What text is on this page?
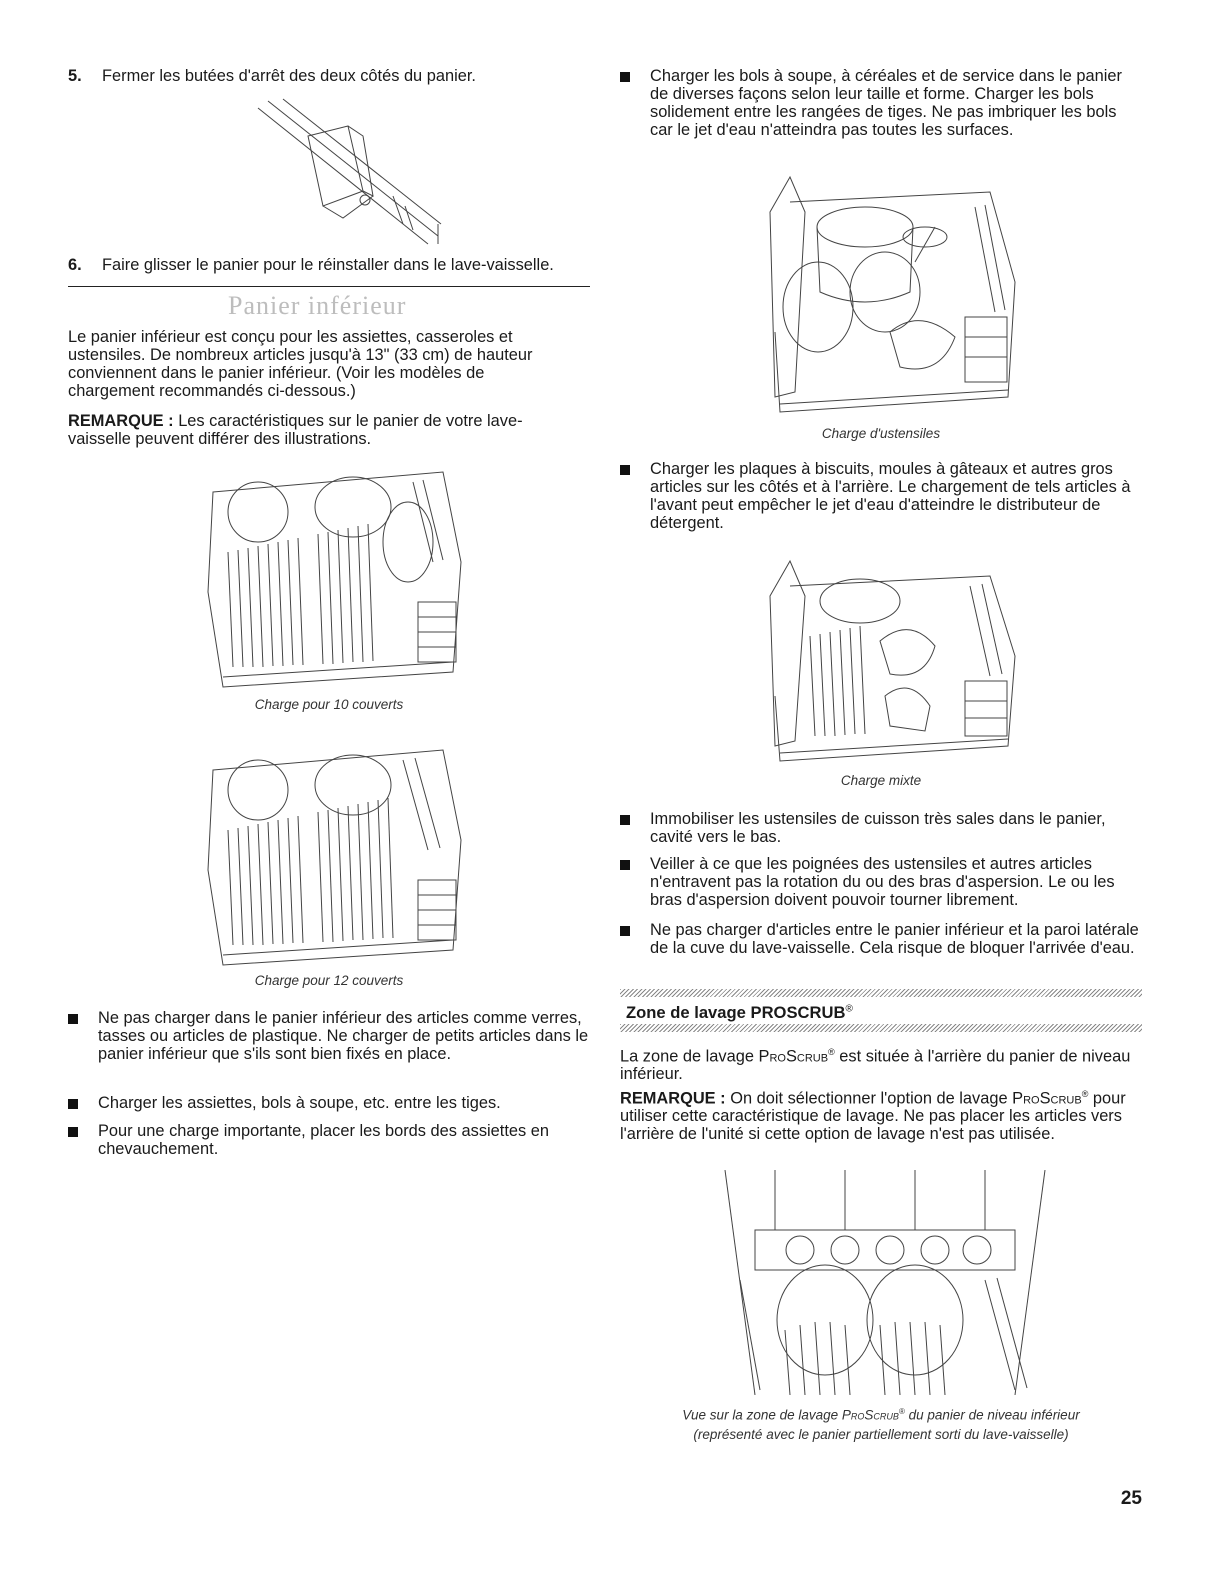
5. Fermer les butées d'arrêt des deux côtés du panier.

6. Faire glisser le panier pour le réinstaller dans le lave-vaisselle.

Panier inférieur

Le panier inférieur est conçu pour les assiettes, casseroles et ustensiles. De nombreux articles jusqu'à 13" (33 cm) de hauteur conviennent dans le panier inférieur. (Voir les modèles de chargement recommandés ci-dessous.)

REMARQUE : Les caractéristiques sur le panier de votre lave-vaisselle peuvent différer des illustrations.

Charge pour 10 couverts
Charge pour 12 couverts
Ne pas charger dans le panier inférieur des articles comme verres, tasses ou articles de plastique. Ne charger de petits articles dans le panier inférieur que s'ils sont bien fixés en place.
Charger les assiettes, bols à soupe, etc. entre les tiges.
Pour une charge importante, placer les bords des assiettes en chevauchement.
Charger les bols à soupe, à céréales et de service dans le panier de diverses façons selon leur taille et forme. Charger les bols solidement entre les rangées de tiges. Ne pas imbriquer les bols car le jet d'eau n'atteindra pas toutes les surfaces.
Charge d'ustensiles
Charger les plaques à biscuits, moules à gâteaux et autres gros articles sur les côtés et à l'arrière. Le chargement de tels articles à l'avant peut empêcher le jet d'eau d'atteindre le distributeur de détergent.
Charge mixte
Immobiliser les ustensiles de cuisson très sales dans le panier, cavité vers le bas.
Veiller à ce que les poignées des ustensiles et autres articles n'entravent pas la rotation du ou des bras d'aspersion. Le ou les bras d'aspersion doivent pouvoir tourner librement.
Ne pas charger d'articles entre le panier inférieur et la paroi latérale de la cuve du lave-vaisselle. Cela risque de bloquer l'arrivée d'eau.
Zone de lavage PROSCRUB®

La zone de lavage ProScrub® est située à l'arrière du panier de niveau inférieur.

REMARQUE : On doit sélectionner l'option de lavage ProScrub® pour utiliser cette caractéristique de lavage. Ne pas placer les articles vers l'arrière de l'unité si cette option de lavage n'est pas utilisée.

Vue sur la zone de lavage ProScrub® du panier de niveau inférieur
(représenté avec le panier partiellement sorti du lave-vaisselle)
25
